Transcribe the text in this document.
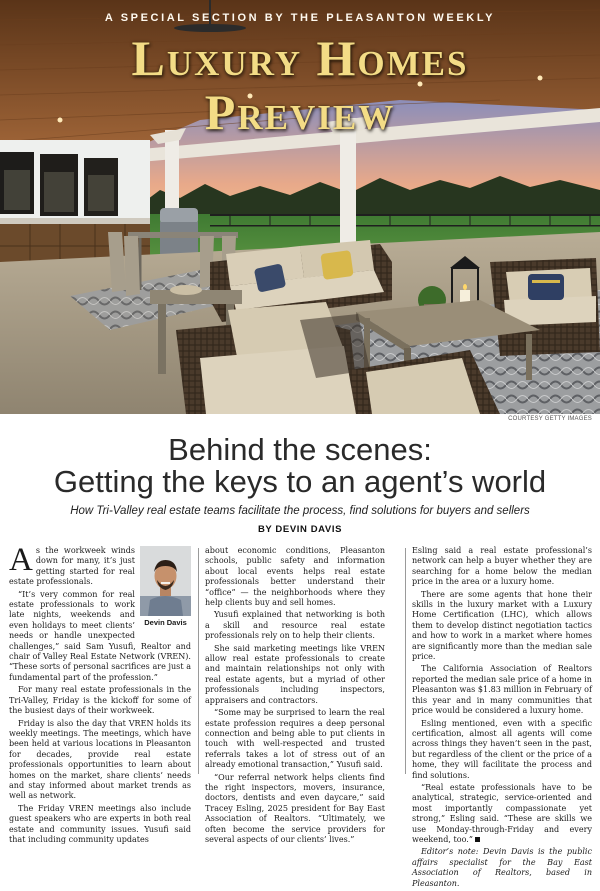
A SPECIAL SECTION BY THE PLEASANTON WEEKLY
Luxury Homes
Preview
COURTESY GETTY IMAGES
Behind the scenes:
Getting the keys to an agent’s world
How Tri-Valley real estate teams facilitate the process, find solutions for buyers and sellers
BY DEVIN DAVIS
Devin Davis

As the workweek winds down for many, it’s just getting started for real estate professionals.

“It’s very common for real estate professionals to work late nights, weekends and even holidays to meet clients’ needs or handle unexpected challenges,” said Sam Yusufi, Realtor and chair of Valley Real Estate Network (VREN). “These sorts of personal sacrifices are just a fundamental part of the profession.”

For many real estate professionals in the Tri-Valley, Friday is the kickoff for some of the busiest days of their workweek.

Friday is also the day that VREN holds its weekly meetings. The meetings, which have been held at various locations in Pleasanton for decades, provide real estate professionals opportunities to learn about homes on the market, share clients’ needs and stay informed about market trends as well as network.

The Friday VREN meetings also include guest speakers who are experts in both real estate and community issues. Yusufi said that including community updates

about economic conditions, Pleasanton schools, public safety and information about local events helps real estate professionals better understand their “office” — the neighborhoods where they help clients buy and sell homes.

Yusufi explained that networking is both a skill and resource real estate professionals rely on to help their clients.

She said marketing meetings like VREN allow real estate professionals to create and maintain relationships not only with real estate agents, but a myriad of other professionals including inspectors, appraisers and contractors.

“Some may be surprised to learn the real estate profession requires a deep personal connection and being able to put clients in touch with well-respected and trusted referrals takes a lot of stress out of an already emotional transaction,” Yusufi said.

“Our referral network helps clients find the right inspectors, movers, insurance, doctors, dentists and even daycare,” said Tracey Esling, 2025 president for Bay East Association of Realtors. “Ultimately, we often become the service providers for several aspects of our clients’ lives.”

Esling said a real estate professional’s network can help a buyer whether they are searching for a home below the median price in the area or a luxury home.

There are some agents that hone their skills in the luxury market with a Luxury Home Certification (LHC), which allows them to develop distinct negotiation tactics and how to work in a market where homes are significantly more than the median sale price.

The California Association of Realtors reported the median sale price of a home in Pleasanton was $1.83 million in February of this year and in many communities that price would be considered a luxury home.

Esling mentioned, even with a specific certification, almost all agents will come across things they haven’t seen in the past, but regardless of the client or the price of a home, they will facilitate the process and find solutions.

“Real estate professionals have to be analytical, strategic, service-oriented and most importantly compassionate yet strong,” Esling said. “These are skills we use Monday-through-Friday and every weekend, too.”

Editor’s note: Devin Davis is the public affairs specialist for the Bay East Association of Realtors, based in Pleasanton.
